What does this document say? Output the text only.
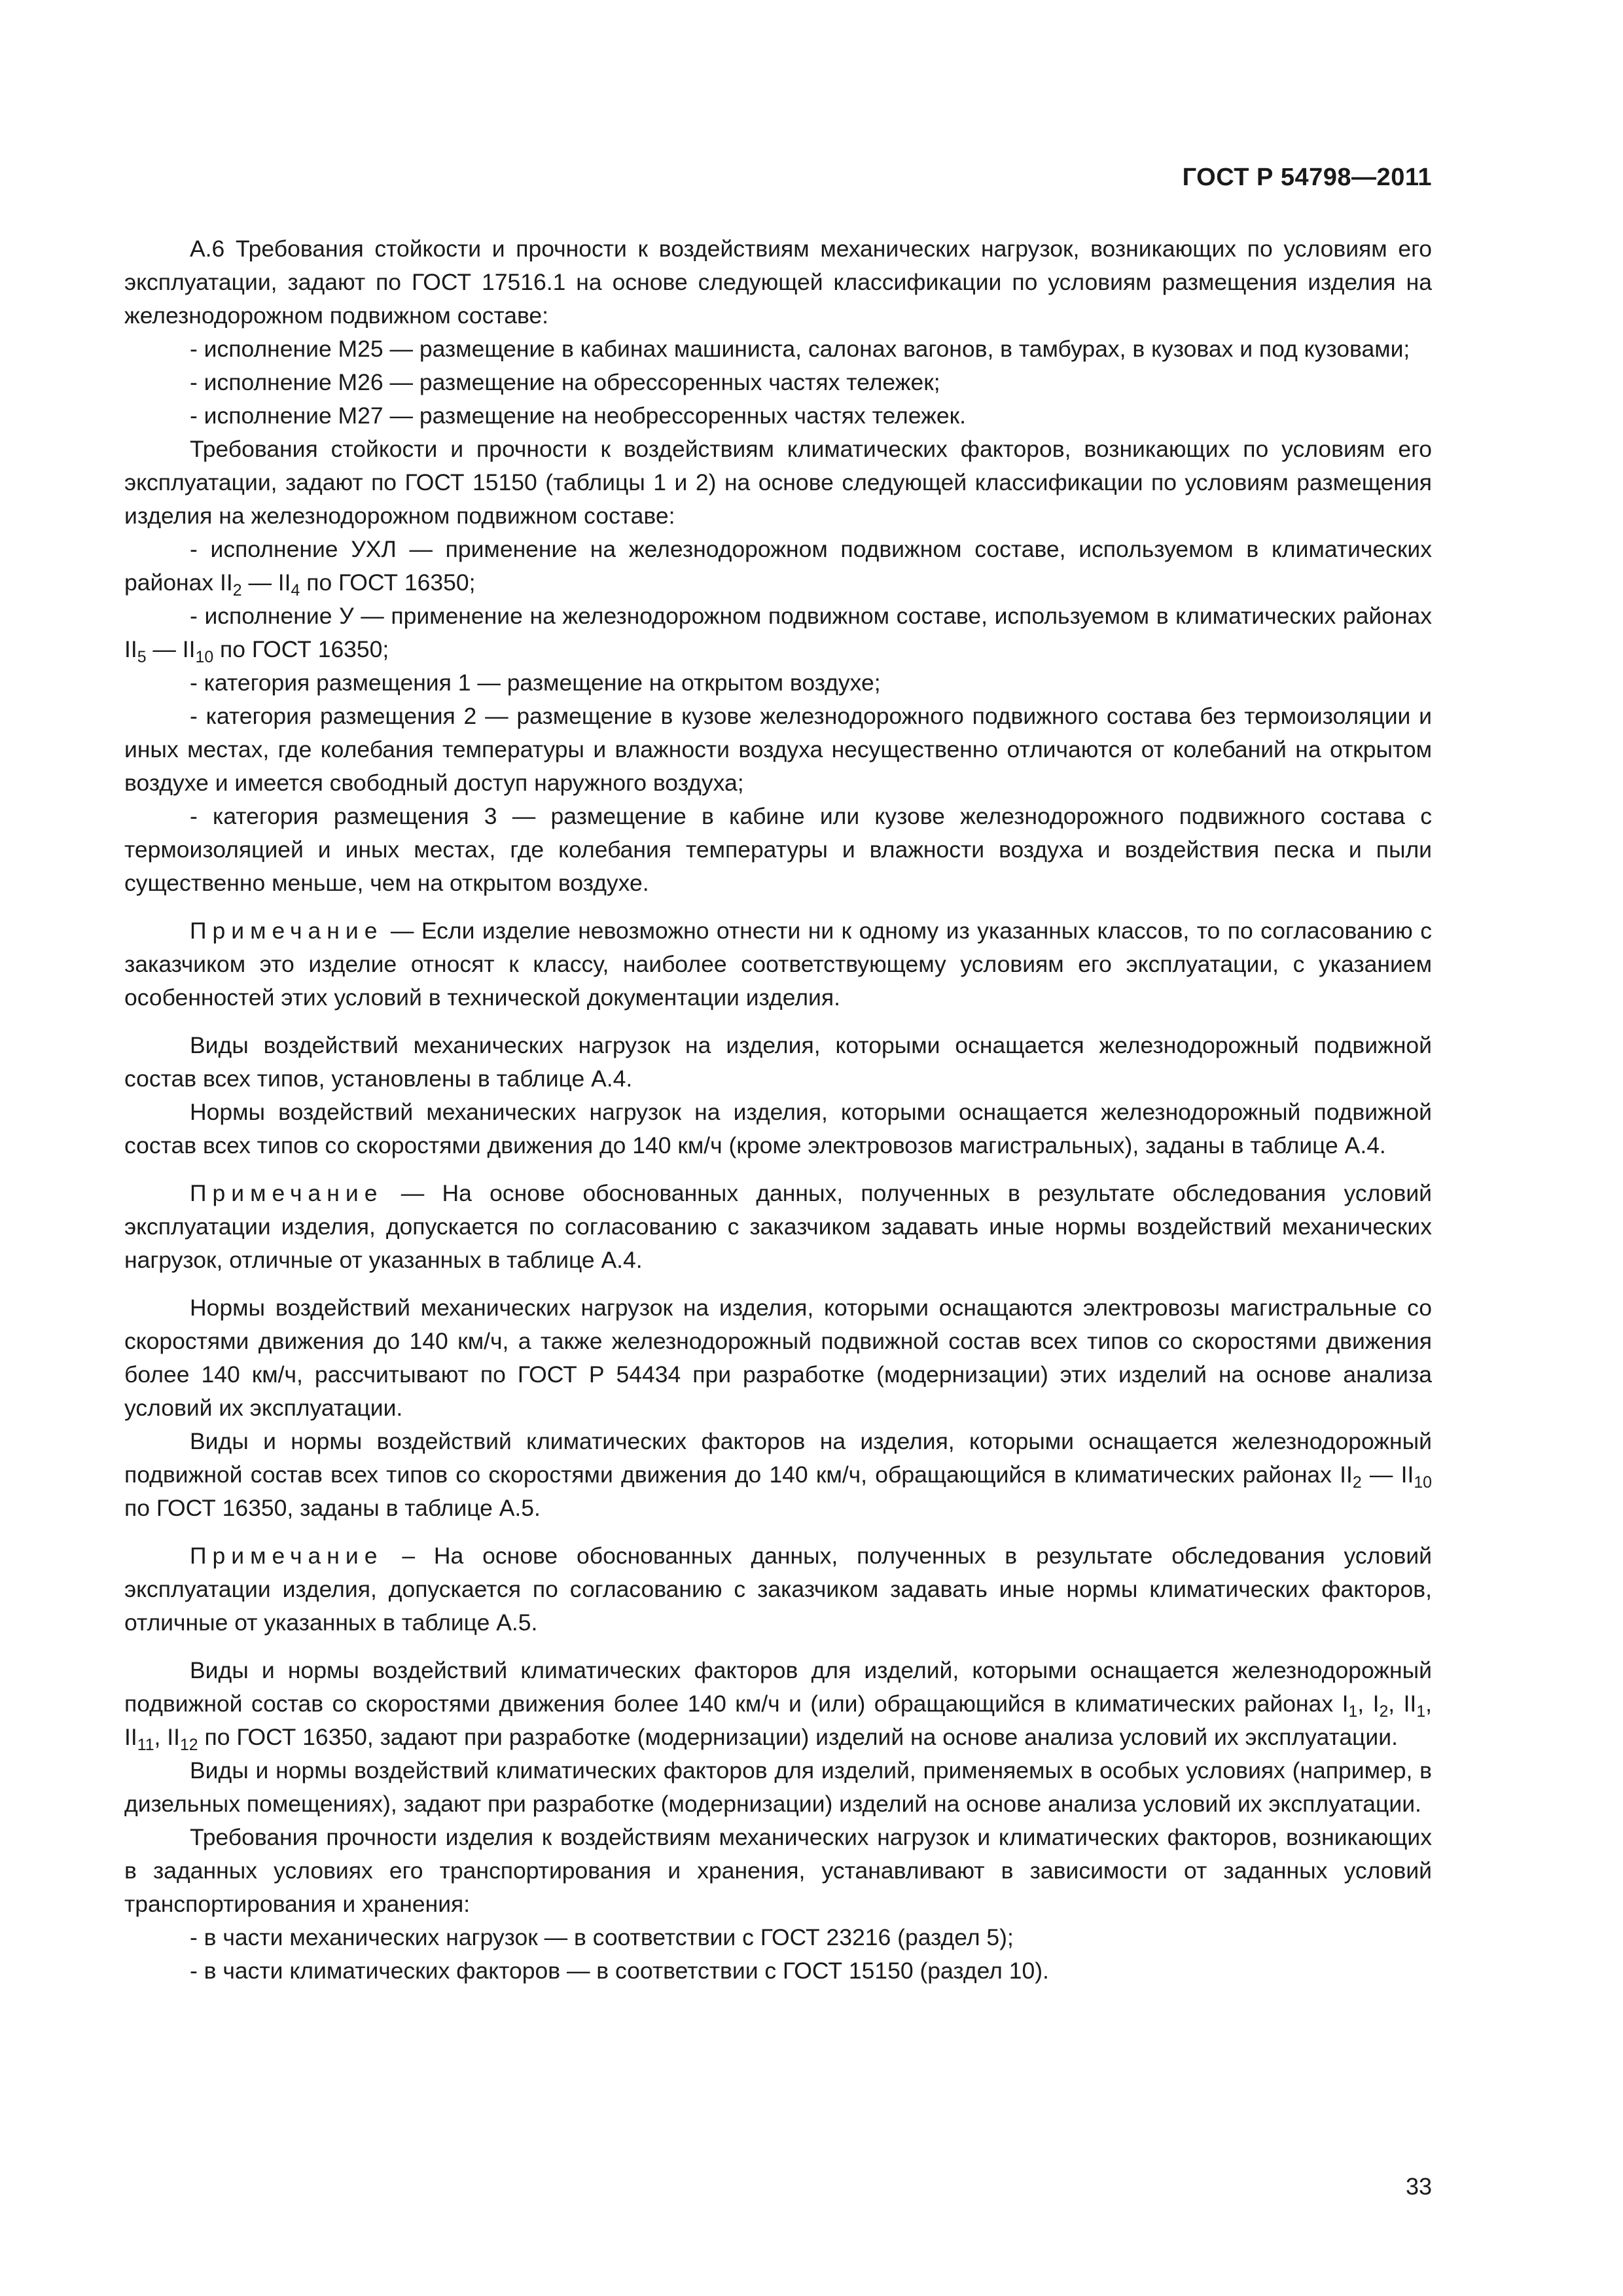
ГОСТ Р 54798—2011

А.6 Требования стойкости и прочности к воздействиям механических нагрузок, возникающих по условиям его эксплуатации, задают по ГОСТ 17516.1 на основе следующей классификации по условиям размещения изделия на железнодорожном подвижном составе:

- исполнение М25 — размещение в кабинах машиниста, салонах вагонов, в тамбурах, в кузовах и под кузовами;

- исполнение М26 — размещение на обрессоренных частях тележек;

- исполнение М27 — размещение на необрессоренных частях тележек.

Требования стойкости и прочности к воздействиям климатических факторов, возникающих по условиям его эксплуатации, задают по ГОСТ 15150 (таблицы 1 и 2) на основе следующей классификации по условиям размещения изделия на железнодорожном подвижном составе:

- исполнение УХЛ — применение на железнодорожном подвижном составе, используемом в климатических районах $II_2$ — $II_4$ по ГОСТ 16350;

- исполнение У — применение на железнодорожном подвижном составе, используемом в климатических районах $II_5$ — $II_{10}$ по ГОСТ 16350;

- категория размещения 1 — размещение на открытом воздухе;

- категория размещения 2 — размещение в кузове железнодорожного подвижного состава без термоизоляции и иных местах, где колебания температуры и влажности воздуха несущественно отличаются от колебаний на открытом воздухе и имеется свободный доступ наружного воздуха;

- категория размещения 3 — размещение в кабине или кузове железнодорожного подвижного состава с термоизоляцией и иных местах, где колебания температуры и влажности воздуха и воздействия песка и пыли существенно меньше, чем на открытом воздухе.

Примечание — Если изделие невозможно отнести ни к одному из указанных классов, то по согласованию с заказчиком это изделие относят к классу, наиболее соответствующему условиям его эксплуатации, с указанием особенностей этих условий в технической документации изделия.

Виды воздействий механических нагрузок на изделия, которыми оснащается железнодорожный подвижной состав всех типов, установлены в таблице А.4.

Нормы воздействий механических нагрузок на изделия, которыми оснащается железнодорожный подвижной состав всех типов со скоростями движения до 140 км/ч (кроме электровозов магистральных), заданы в таблице А.4.

Примечание — На основе обоснованных данных, полученных в результате обследования условий эксплуатации изделия, допускается по согласованию с заказчиком задавать иные нормы воздействий механических нагрузок, отличные от указанных в таблице А.4.

Нормы воздействий механических нагрузок на изделия, которыми оснащаются электровозы магистральные со скоростями движения до 140 км/ч, а также железнодорожный подвижной состав всех типов со скоростями движения более 140 км/ч, рассчитывают по ГОСТ Р 54434 при разработке (модернизации) этих изделий на основе анализа условий их эксплуатации.

Виды и нормы воздействий климатических факторов на изделия, которыми оснащается железнодорожный подвижной состав всех типов со скоростями движения до 140 км/ч, обращающийся в климатических районах $II_2$ — $II_{10}$ по ГОСТ 16350, заданы в таблице А.5.

Примечание – На основе обоснованных данных, полученных в результате обследования условий эксплуатации изделия, допускается по согласованию с заказчиком задавать иные нормы климатических факторов, отличные от указанных в таблице А.5.

Виды и нормы воздействий климатических факторов для изделий, которыми оснащается железнодорожный подвижной состав со скоростями движения более 140 км/ч и (или) обращающийся в климатических районах $I_1$, $I_2$, $II_1$, $II_{11}$, $II_{12}$ по ГОСТ 16350, задают при разработке (модернизации) изделий на основе анализа условий их эксплуатации.

Виды и нормы воздействий климатических факторов для изделий, применяемых в особых условиях (например, в дизельных помещениях), задают при разработке (модернизации) изделий на основе анализа условий их эксплуатации.

Требования прочности изделия к воздействиям механических нагрузок и климатических факторов, возникающих в заданных условиях его транспортирования и хранения, устанавливают в зависимости от заданных условий транспортирования и хранения:

- в части механических нагрузок — в соответствии с ГОСТ 23216 (раздел 5);

- в части климатических факторов — в соответствии с ГОСТ 15150 (раздел 10).

33
